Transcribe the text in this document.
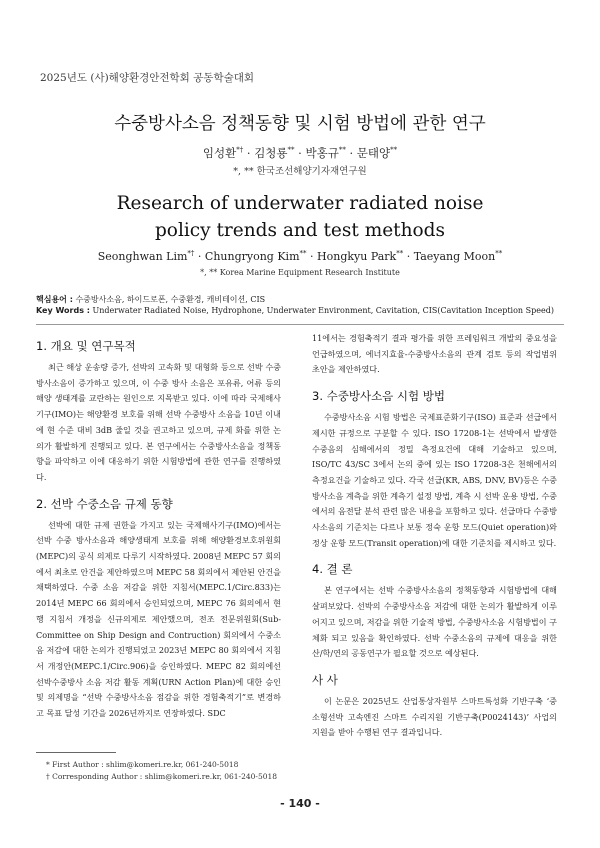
2025년도 (사)해양환경안전학회 공동학술대회
수중방사소음 정책동향 및 시험 방법에 관한 연구
임성환*† · 김청룡** · 박홍규** · 문태양**
*, ** 한국조선해양기자재연구원
Research of underwater radiated noise
policy trends and test methods
Seonghwan Lim*† · Chungryong Kim** · Hongkyu Park** · Taeyang Moon**
*, ** Korea Marine Equipment Research Institute
핵심용어 : 수중방사소음, 하이드로폰, 수중환경, 캐비테이션, CIS
Key Words : Underwater Radiated Noise, Hydrophone, Underwater Environment, Cavitation, CIS(Cavitation Inception Speed)
1. 개요 및 연구목적

최근 해상 운송량 증가, 선박의 고속화 및 대형화 등으로 선박 수중 방사소음이 증가하고 있으며, 이 수중 방사 소음은 포유류, 어류 등의 해양 생태계를 교란하는 원인으로 지목받고 있다. 이에 따라 국제해사기구(IMO)는 해양환경 보호를 위해 선박 수중방사 소음을 10년 이내에 현 수준 대비 3dB 줄일 것을 권고하고 있으며, 규제 화를 위한 논의가 활발하게 진행되고 있다. 본 연구에서는 수중방사소음을 정책동향을 파악하고 이에 대응하기 위한 시험방법에 관한 연구를 진행하였다.

2. 선박 수중소음 규제 동향

선박에 대한 규제 권한을 가지고 있는 국제해사기구(IMO)에서는 선박 수중 방사소음과 해양생태계 보호를 위해 해양환경보호위원회(MEPC)의 공식 의제로 다루기 시작하였다. 2008년 MEPC 57 회의에서 최초로 안건을 제안하였으며 MEPC 58 회의에서 제안된 안건을 채택하였다. 수중 소음 저감을 위한 지침서(MEPC.1/Circ.833)는 2014년 MEPC 66 회의에서 승인되었으며, MEPC 76 회의에서 현행 지침서 개정을 신규의제로 제안했으며, 전조 전문위원회(Sub-Committee on Ship Design and Contruction) 회의에서 수중소음 저감에 대한 논의가 진행되었고 2023년 MEPC 80 회의에서 지침서 개정안(MEPC.1/Circ.906)을 승인하였다. MEPC 82 회의에선 선박수중방사 소음 저감 활동 계획(URN Action Plan)에 대한 승인 및 의제명을 “선박 수중방사소음 점감을 위한 경험축적기”로 변경하고 목표 달성 기간을 2026년까지로 연장하였다. SDC

11에서는 경험축적기 결과 평가를 위한 프레임워크 개발의 중요성을 언급하였으며, 에너지효율-수중방사소음의 관계 검토 등의 작업범위 초안을 제안하였다.

3. 수중방사소음 시험 방법

수중방사소음 시험 방법은 국제표준화기구(ISO) 표준과 선급에서 제시한 규정으로 구분할 수 있다. ISO 17208-1는 선박에서 발생한 수중음의 심해에서의 정밀 측정요건에 대해 기술하고 있으며, ISO/TC 43/SC 3에서 논의 중에 있는 ISO 17208-3은 천해에서의 측정요건을 기술하고 있다. 각국 선급(KR, ABS, DNV, BV)등은 수중방사소음 계측을 위한 계측기 설정 방법, 계측 시 선박 운용 방법, 수중에서의 음전달 분석 관련 많은 내용을 포함하고 있다. 선급마다 수중방사소음의 기준치는 다르나 보통 정숙 운항 모드(Quiet operation)와 정상 운항 모드(Transit operation)에 대한 기준치를 제시하고 있다.

4. 결 론

본 연구에서는 선박 수중방사소음의 정책동향과 시험방법에 대해 살펴보았다. 선박의 수중방사소음 저감에 대한 논의가 활발하게 이루어지고 있으며, 저감을 위한 기술적 방법, 수중방사소음 시험방법이 구체화 되고 있음을 확인하였다. 선박 수중소음의 규제에 대응을 위한 산/학/연의 공동연구가 필요할 것으로 예상된다.

사 사

이 논문은 2025년도 산업통상자원부 스마트특성화 기반구축 ‘중소형선박 고속엔진 스마트 수리지원 기반구축(P0024143)’ 사업의 지원을 받아 수행된 연구 결과입니다.

* First Author : shlim@komeri.re.kr, 061-240-5018
† Corresponding Author : shlim@komeri.re.kr, 061-240-5018
- 140 -
